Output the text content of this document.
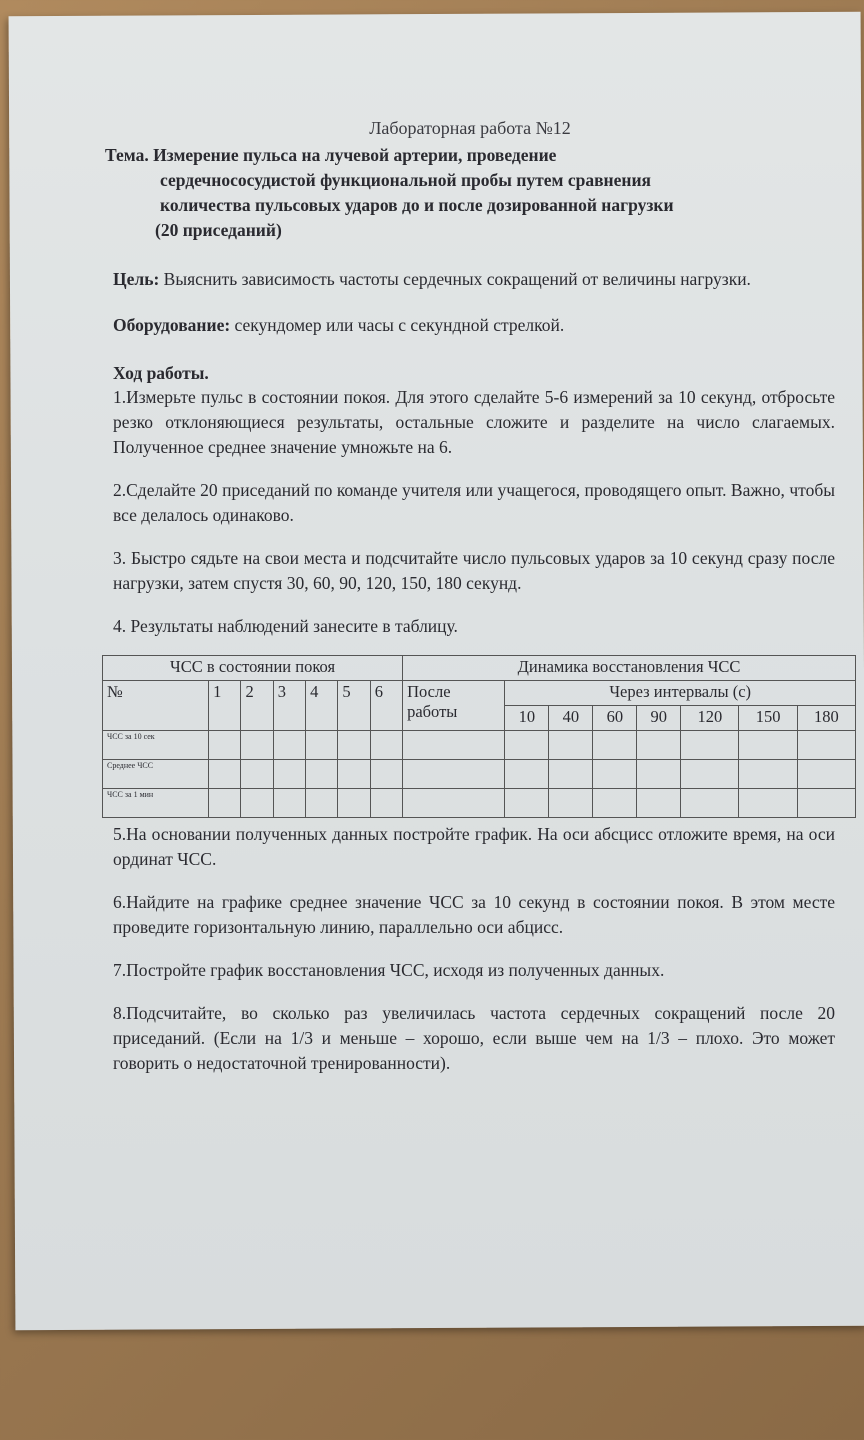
Лабораторная работа №12

Тема. Измерение пульса на лучевой артерии, проведение
сердечнососудистой функциональной пробы путем сравнения
количества пульсовых ударов до и после дозированной нагрузки
(20 приседаний)

Цель: Выяснить зависимость частоты сердечных сокращений от величины нагрузки.

Оборудование: секундомер или часы с секундной стрелкой.

Ход работы.

1.Измерьте пульс в состоянии покоя. Для этого сделайте 5-6 измерений за 10 секунд, отбросьте резко отклоняющиеся результаты, остальные сложите и разделите на число слагаемых. Полученное среднее значение умножьте на 6.

2.Сделайте 20 приседаний по команде учителя или учащегося, проводящего опыт. Важно, чтобы все делалось одинаково.

3. Быстро сядьте на свои места и подсчитайте число пульсовых ударов за 10 секунд сразу после нагрузки, затем спустя 30, 60, 90, 120, 150, 180 секунд.

4. Результаты наблюдений занесите в таблицу.

ЧСС в состоянии покоя							Динамика восстановления ЧСС							
№	1	2	3	4	5	6	После
работы	Через интервалы (с)						
								10	40	60	90	120	150	180
ЧСС за 10 сек														
Среднее ЧСС														
ЧСС за 1 мин														

5.На основании полученных данных постройте график. На оси абсцисс отложите время, на оси ординат ЧСС.

6.Найдите на графике среднее значение ЧСС за 10 секунд в состоянии покоя. В этом месте проведите горизонтальную линию, параллельно оси абцисс.

7.Постройте график восстановления ЧСС, исходя из полученных данных.

8.Подсчитайте, во сколько раз увеличилась частота сердечных сокращений после 20 приседаний. (Если на 1/3 и меньше – хорошо, если выше чем на 1/3 – плохо. Это может говорить о недостаточной тренированности).
